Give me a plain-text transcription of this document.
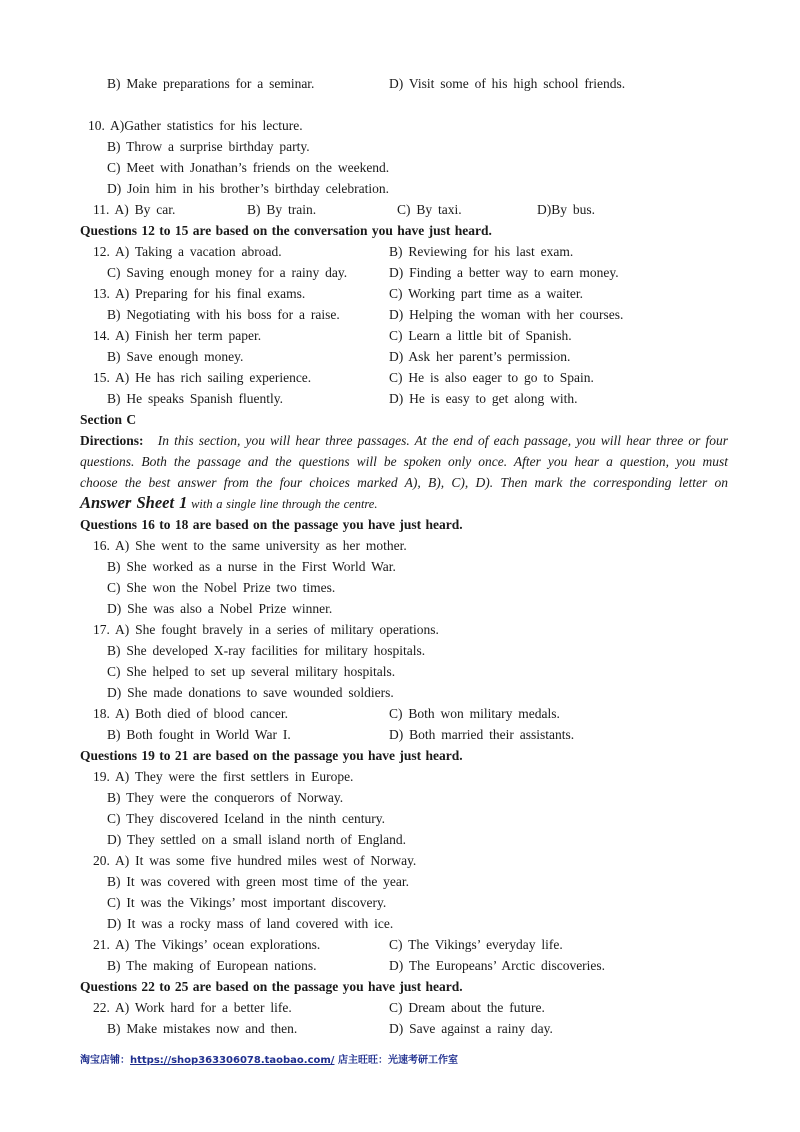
B) Make preparations for a seminar.	D) Visit some of his high school friends.
10. A)Gather statistics for his lecture.
B) Throw a surprise birthday party.
C) Meet with Jonathan’s friends on the weekend.
D) Join him in his brother’s birthday celebration.
11. A) By car.	B) By train.	C) By taxi.	D)By bus.
Questions 12 to 15 are based on the conversation you have just heard.
12. A) Taking a vacation abroad.	B) Reviewing for his last exam.
C) Saving enough money for a rainy day.	D) Finding a better way to earn money.
13. A) Preparing for his final exams.	C) Working part time as a waiter.
B) Negotiating with his boss for a raise.	D) Helping the woman with her courses.
14. A) Finish her term paper.	C) Learn a little bit of Spanish.
B) Save enough money.	D) Ask her parent’s permission.
15. A) He has rich sailing experience.	C) He is also eager to go to Spain.
B) He speaks Spanish fluently.	D) He is easy to get along with.
Section C
Directions: In this section, you will hear three passages. At the end of each passage, you will hear three or four
questions. Both the passage and the questions will be spoken only once. After you hear a question, you must
choose the best answer from the four choices marked A), B), C), D). Then mark the corresponding letter on
Answer Sheet 1 with a single line through the centre.
Questions 16 to 18 are based on the passage you have just heard.
16. A) She went to the same university as her mother.
B) She worked as a nurse in the First World War.
C) She won the Nobel Prize two times.
D) She was also a Nobel Prize winner.
17. A) She fought bravely in a series of military operations.
B) She developed X-ray facilities for military hospitals.
C) She helped to set up several military hospitals.
D) She made donations to save wounded soldiers.
18. A) Both died of blood cancer.	C) Both won military medals.
B) Both fought in World War I.	D) Both married their assistants.
Questions 19 to 21 are based on the passage you have just heard.
19. A) They were the first settlers in Europe.
B) They were the conquerors of Norway.
C) They discovered Iceland in the ninth century.
D) They settled on a small island north of England.
20. A) It was some five hundred miles west of Norway.
B) It was covered with green most time of the year.
C) It was the Vikings’ most important discovery.
D) It was a rocky mass of land covered with ice.
21. A) The Vikings’ ocean explorations.	C) The Vikings’ everyday life.
B) The making of European nations.	D) The Europeans’ Arctic discoveries.
Questions 22 to 25 are based on the passage you have just heard.
22. A) Work hard for a better life.	C) Dream about the future.
B) Make mistakes now and then.	D) Save against a rainy day.
淘宝店铺：https://shop363306078.taobao.com/ 店主旺旺：光速考研工作室
